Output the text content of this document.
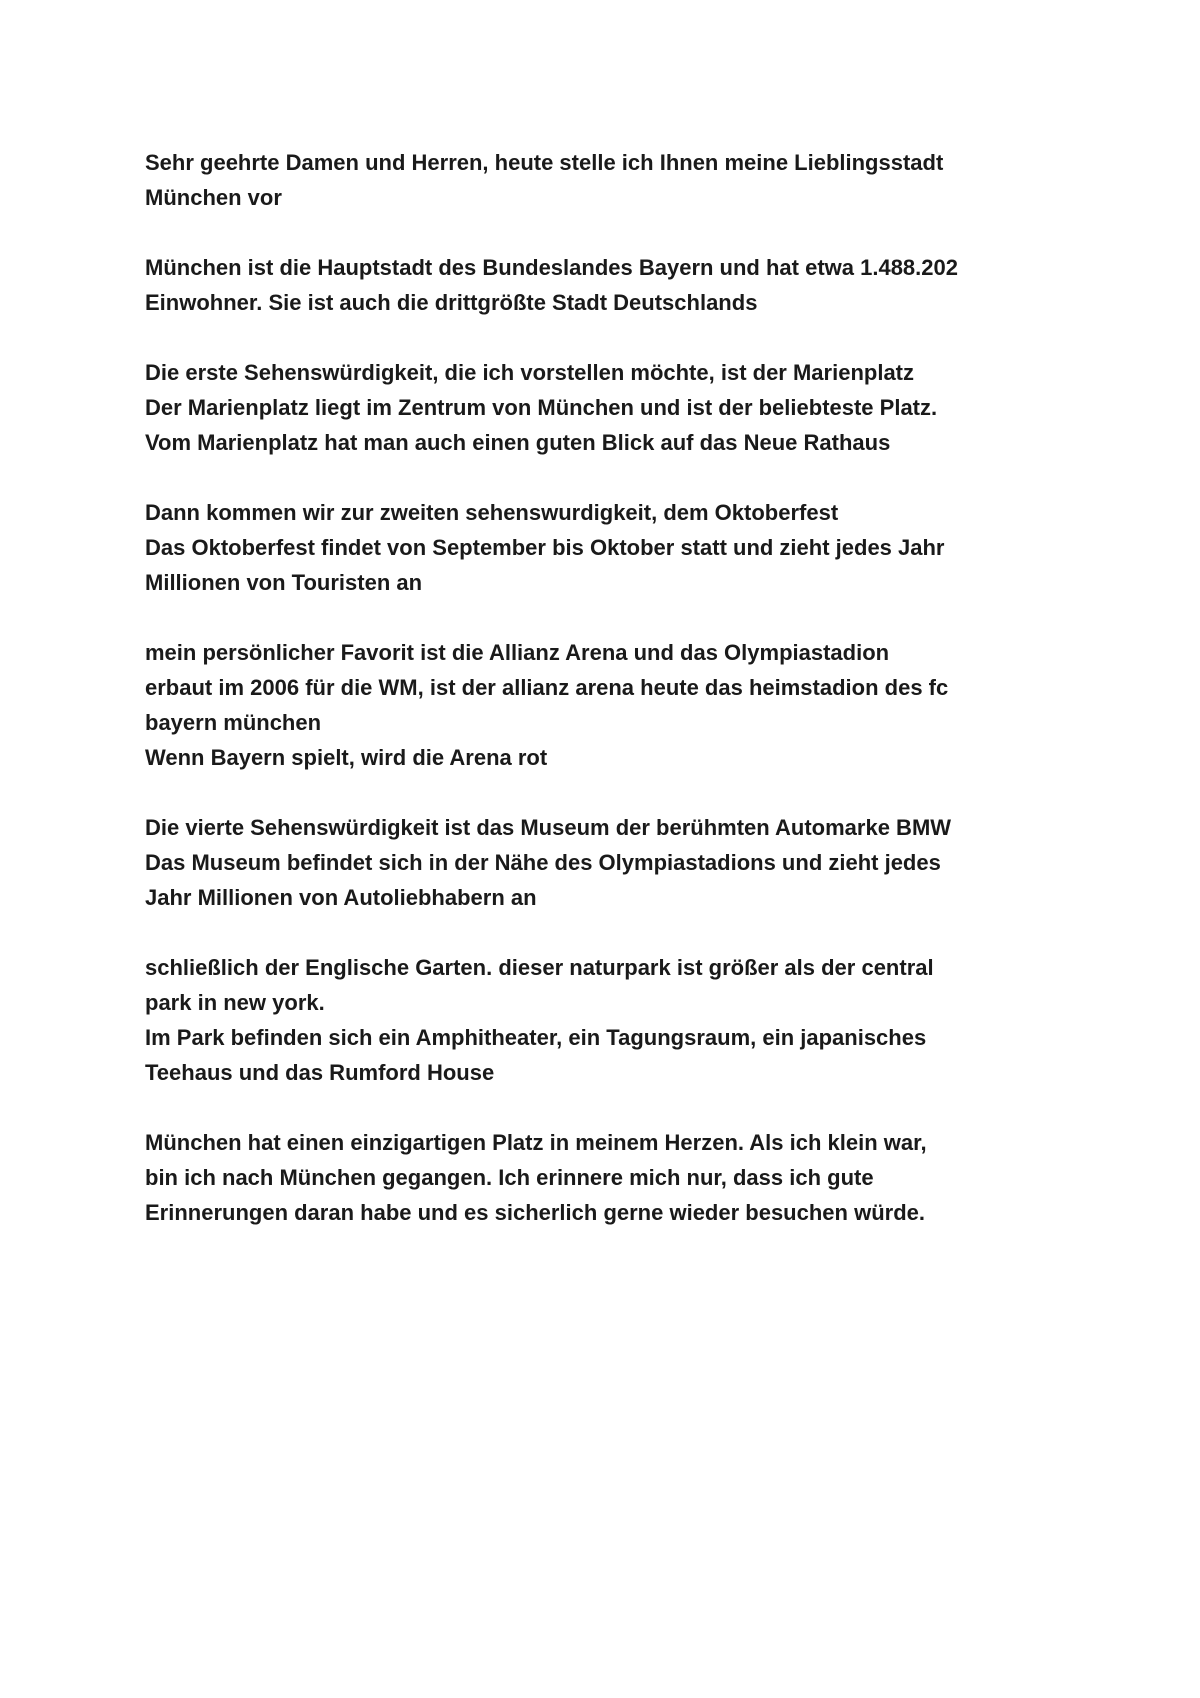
Sehr geehrte Damen und Herren, heute stelle ich Ihnen meine Lieblingsstadt
München vor

München ist die Hauptstadt des Bundeslandes Bayern und hat etwa 1.488.202
Einwohner. Sie ist auch die drittgrößte Stadt Deutschlands

Die erste Sehenswürdigkeit, die ich vorstellen möchte, ist der Marienplatz
Der Marienplatz liegt im Zentrum von München und ist der beliebteste Platz.
Vom Marienplatz hat man auch einen guten Blick auf das Neue Rathaus

Dann kommen wir zur zweiten sehenswurdigkeit, dem Oktoberfest
Das Oktoberfest findet von September bis Oktober statt und zieht jedes Jahr
Millionen von Touristen an

mein persönlicher Favorit ist die Allianz Arena und das Olympiastadion
erbaut im 2006 für die WM, ist der allianz arena heute das heimstadion des fc
bayern münchen
Wenn Bayern spielt, wird die Arena rot

Die vierte Sehenswürdigkeit ist das Museum der berühmten Automarke BMW
Das Museum befindet sich in der Nähe des Olympiastadions und zieht jedes
Jahr Millionen von Autoliebhabern an

schließlich der Englische Garten. dieser naturpark ist größer als der central
park in new york.
Im Park befinden sich ein Amphitheater, ein Tagungsraum, ein japanisches
Teehaus und das Rumford House

München hat einen einzigartigen Platz in meinem Herzen. Als ich klein war,
bin ich nach München gegangen. Ich erinnere mich nur, dass ich gute
Erinnerungen daran habe und es sicherlich gerne wieder besuchen würde.
